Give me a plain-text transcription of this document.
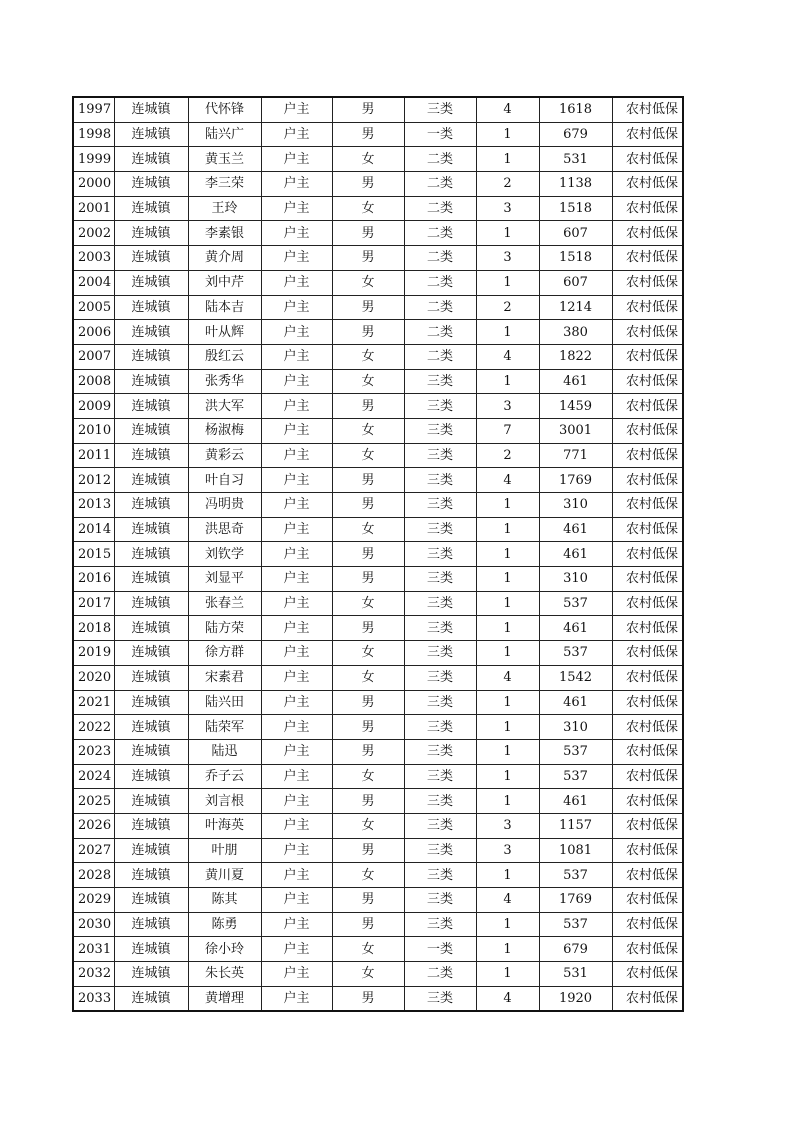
1997	连城镇	代怀锋	户主	男	三类	4	1618	农村低保
1998	连城镇	陆兴广	户主	男	一类	1	679	农村低保
1999	连城镇	黄玉兰	户主	女	二类	1	531	农村低保
2000	连城镇	李三荣	户主	男	二类	2	1138	农村低保
2001	连城镇	王玲	户主	女	二类	3	1518	农村低保
2002	连城镇	李素银	户主	男	二类	1	607	农村低保
2003	连城镇	黄介周	户主	男	二类	3	1518	农村低保
2004	连城镇	刘中芹	户主	女	二类	1	607	农村低保
2005	连城镇	陆本吉	户主	男	二类	2	1214	农村低保
2006	连城镇	叶从辉	户主	男	二类	1	380	农村低保
2007	连城镇	殷红云	户主	女	二类	4	1822	农村低保
2008	连城镇	张秀华	户主	女	三类	1	461	农村低保
2009	连城镇	洪大军	户主	男	三类	3	1459	农村低保
2010	连城镇	杨淑梅	户主	女	三类	7	3001	农村低保
2011	连城镇	黄彩云	户主	女	三类	2	771	农村低保
2012	连城镇	叶自习	户主	男	三类	4	1769	农村低保
2013	连城镇	冯明贵	户主	男	三类	1	310	农村低保
2014	连城镇	洪思奇	户主	女	三类	1	461	农村低保
2015	连城镇	刘钦学	户主	男	三类	1	461	农村低保
2016	连城镇	刘显平	户主	男	三类	1	310	农村低保
2017	连城镇	张春兰	户主	女	三类	1	537	农村低保
2018	连城镇	陆方荣	户主	男	三类	1	461	农村低保
2019	连城镇	徐方群	户主	女	三类	1	537	农村低保
2020	连城镇	宋素君	户主	女	三类	4	1542	农村低保
2021	连城镇	陆兴田	户主	男	三类	1	461	农村低保
2022	连城镇	陆荣军	户主	男	三类	1	310	农村低保
2023	连城镇	陆迅	户主	男	三类	1	537	农村低保
2024	连城镇	乔子云	户主	女	三类	1	537	农村低保
2025	连城镇	刘言根	户主	男	三类	1	461	农村低保
2026	连城镇	叶海英	户主	女	三类	3	1157	农村低保
2027	连城镇	叶朋	户主	男	三类	3	1081	农村低保
2028	连城镇	黄川夏	户主	女	三类	1	537	农村低保
2029	连城镇	陈其	户主	男	三类	4	1769	农村低保
2030	连城镇	陈勇	户主	男	三类	1	537	农村低保
2031	连城镇	徐小玲	户主	女	一类	1	679	农村低保
2032	连城镇	朱长英	户主	女	二类	1	531	农村低保
2033	连城镇	黄增理	户主	男	三类	4	1920	农村低保
